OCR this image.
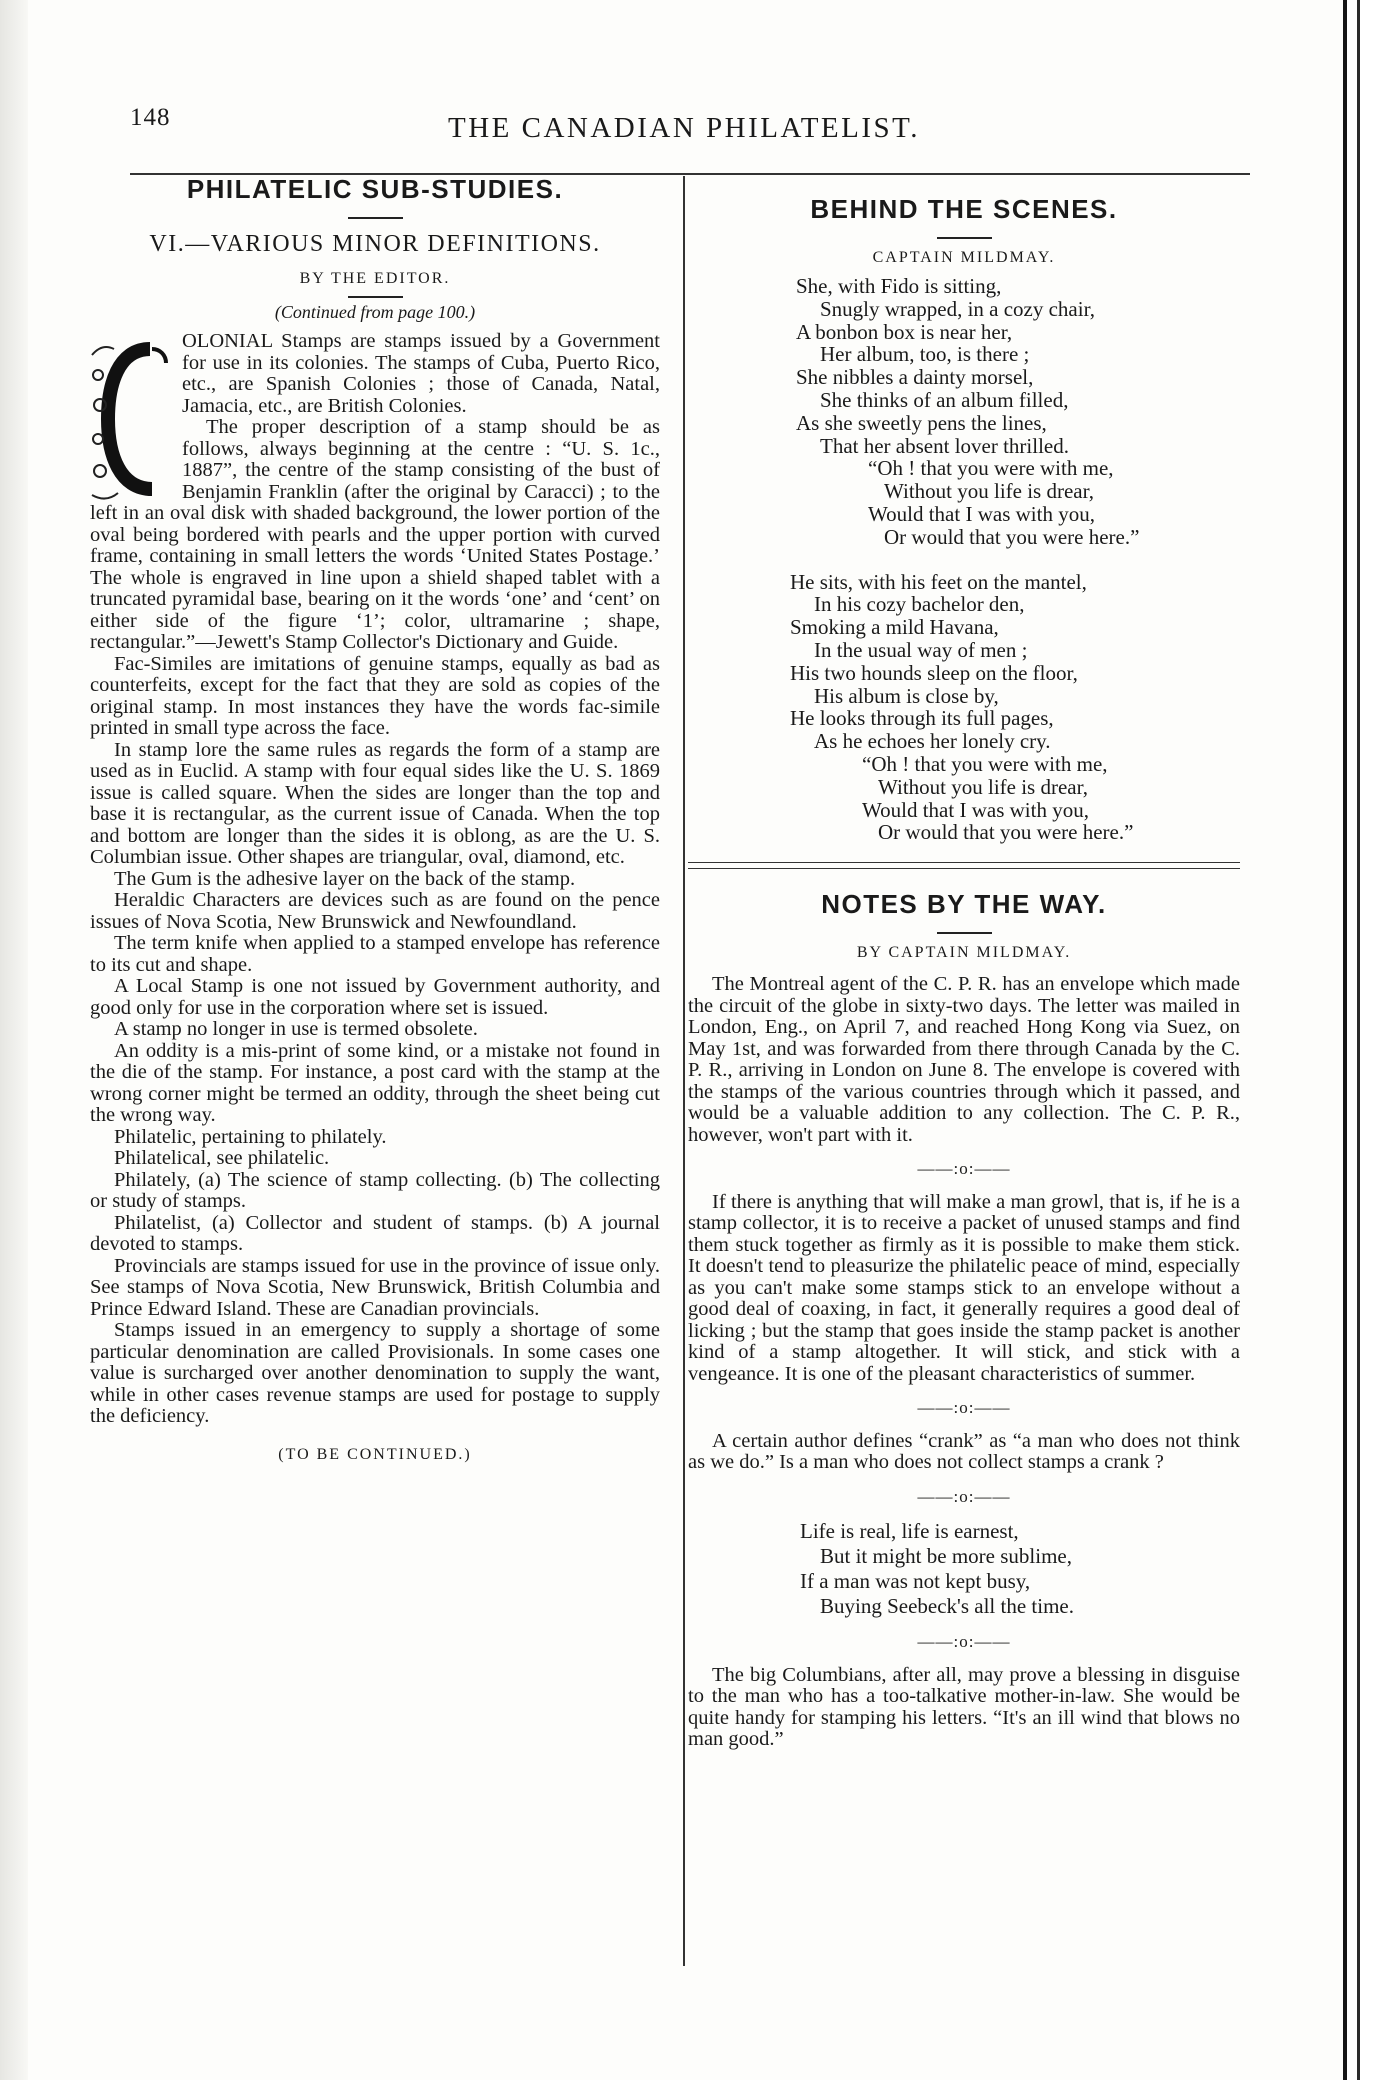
148	THE CANADIAN PHILATELIST.
PHILATELIC SUB-STUDIES.
VI.—VARIOUS MINOR DEFINITIONS.
BY THE EDITOR.
(Continued from page 100.)

OLONIAL Stamps are stamps issued by a Government for use in its colonies. The stamps of Cuba, Puerto Rico, etc., are Spanish Colonies ; those of Canada, Natal, Jamacia, etc., are British Colonies.

The proper description of a stamp should be as follows, always beginning at the centre : “U. S. 1c., 1887”, the centre of the stamp consisting of the bust of Benjamin Franklin (after the original by Caracci) ; to the left in an oval disk with shaded background, the lower portion of the oval being bordered with pearls and the upper portion with curved frame, containing in small letters the words ‘United States Postage.’ The whole is engraved in line upon a shield shaped tablet with a truncated pyramidal base, bearing on it the words ‘one’ and ‘cent’ on either side of the figure ‘1’; color, ultramarine ; shape, rectangular.”—Jewett's Stamp Collector's Dictionary and Guide.

Fac-Similes are imitations of genuine stamps, equally as bad as counterfeits, except for the fact that they are sold as copies of the original stamp. In most instances they have the words fac-simile printed in small type across the face.

In stamp lore the same rules as regards the form of a stamp are used as in Euclid. A stamp with four equal sides like the U. S. 1869 issue is called square. When the sides are longer than the top and base it is rectangular, as the current issue of Canada. When the top and bottom are longer than the sides it is oblong, as are the U. S. Columbian issue. Other shapes are triangular, oval, diamond, etc.

The Gum is the adhesive layer on the back of the stamp.

Heraldic Characters are devices such as are found on the pence issues of Nova Scotia, New Brunswick and Newfoundland.

The term knife when applied to a stamped envelope has reference to its cut and shape.

A Local Stamp is one not issued by Government authority, and good only for use in the corporation where set is issued.

A stamp no longer in use is termed obsolete.

An oddity is a mis-print of some kind, or a mistake not found in the die of the stamp. For instance, a post card with the stamp at the wrong corner might be termed an oddity, through the sheet being cut the wrong way.

Philatelic, pertaining to philately.

Philatelical, see philatelic.

Philately, (a) The science of stamp collecting. (b) The collecting or study of stamps.

Philatelist, (a) Collector and student of stamps. (b) A journal devoted to stamps.

Provincials are stamps issued for use in the province of issue only. See stamps of Nova Scotia, New Brunswick, British Columbia and Prince Edward Island. These are Canadian provincials.

Stamps issued in an emergency to supply a shortage of some particular denomination are called Provisionals. In some cases one value is surcharged over another denomination to supply the want, while in other cases revenue stamps are used for postage to supply the deficiency.

(TO BE CONTINUED.)
BEHIND THE SCENES.
CAPTAIN MILDMAY.
She, with Fido is sitting,
Snugly wrapped, in a cozy chair,
A bonbon box is near her,
Her album, too, is there ;
She nibbles a dainty morsel,
She thinks of an album filled,
As she sweetly pens the lines,
That her absent lover thrilled.
“Oh ! that you were with me,
Without you life is drear,
Would that I was with you,
Or would that you were here.”
He sits, with his feet on the mantel,
In his cozy bachelor den,
Smoking a mild Havana,
In the usual way of men ;
His two hounds sleep on the floor,
His album is close by,
He looks through its full pages,
As he echoes her lonely cry.
“Oh ! that you were with me,
Without you life is drear,
Would that I was with you,
Or would that you were here.”
NOTES BY THE WAY.
BY CAPTAIN MILDMAY.

The Montreal agent of the C. P. R. has an envelope which made the circuit of the globe in sixty-two days. The letter was mailed in London, Eng., on April 7, and reached Hong Kong via Suez, on May 1st, and was forwarded from there through Canada by the C. P. R., arriving in London on June 8. The envelope is covered with the stamps of the various countries through which it passed, and would be a valuable addition to any collection. The C. P. R., however, won't part with it.

——:o:——

If there is anything that will make a man growl, that is, if he is a stamp collector, it is to receive a packet of unused stamps and find them stuck together as firmly as it is possible to make them stick. It doesn't tend to pleasurize the philatelic peace of mind, especially as you can't make some stamps stick to an envelope without a good deal of coaxing, in fact, it generally requires a good deal of licking ; but the stamp that goes inside the stamp packet is another kind of a stamp altogether. It will stick, and stick with a vengeance. It is one of the pleasant characteristics of summer.

——:o:——

A certain author defines “crank” as “a man who does not think as we do.” Is a man who does not collect stamps a crank ?

——:o:——
Life is real, life is earnest,
But it might be more sublime,
If a man was not kept busy,
Buying Seebeck's all the time.
——:o:——

The big Columbians, after all, may prove a blessing in disguise to the man who has a too-talkative mother-in-law. She would be quite handy for stamping his letters. “It's an ill wind that blows no man good.”
